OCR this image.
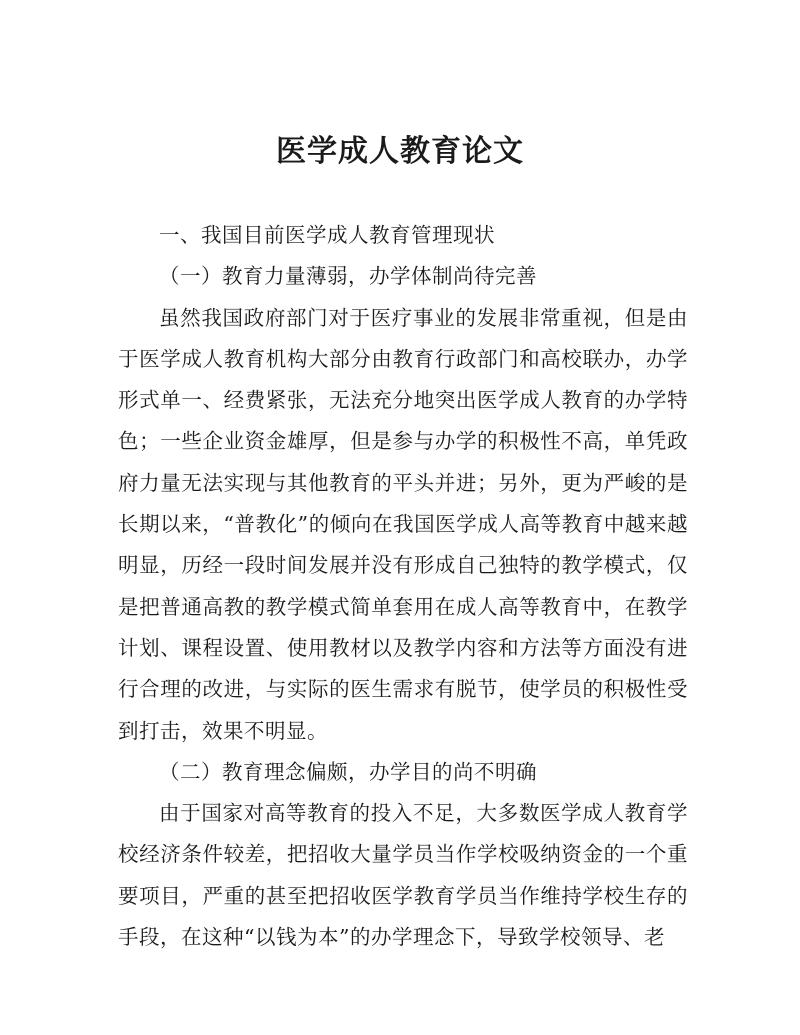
医学成人教育论文

一、我国目前医学成人教育管理现状

（一）教育力量薄弱，办学体制尚待完善

虽然我国政府部门对于医疗事业的发展非常重视，但是由于医学成人教育机构大部分由教育行政部门和高校联办，办学形式单一、经费紧张，无法充分地突出医学成人教育的办学特色；一些企业资金雄厚，但是参与办学的积极性不高，单凭政府力量无法实现与其他教育的平头并进；另外，更为严峻的是长期以来，“普教化”的倾向在我国医学成人高等教育中越来越明显，历经一段时间发展并没有形成自己独特的教学模式，仅是把普通高教的教学模式简单套用在成人高等教育中，在教学计划、课程设置、使用教材以及教学内容和方法等方面没有进行合理的改进，与实际的医生需求有脱节，使学员的积极性受到打击，效果不明显。

（二）教育理念偏颇，办学目的尚不明确

由于国家对高等教育的投入不足，大多数医学成人教育学校经济条件较差，把招收大量学员当作学校吸纳资金的一个重要项目，严重的甚至把招收医学教育学员当作维持学校生存的手段，在这种“以钱为本”的办学理念下，导致学校领导、老
